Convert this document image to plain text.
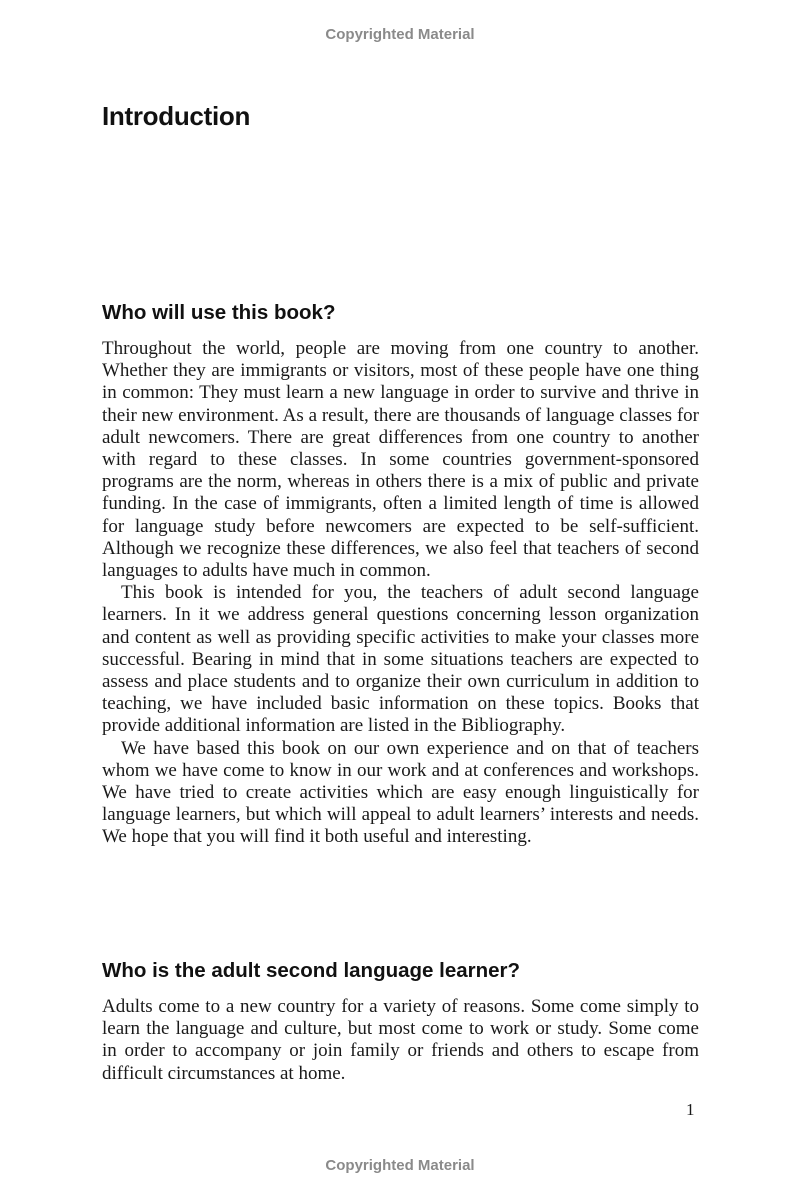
Copyrighted Material
Introduction
Who will use this book?

Throughout the world, people are moving from one country to another. Whether they are immigrants or visitors, most of these people have one thing in common: They must learn a new language in order to survive and thrive in their new environment. As a result, there are thousands of language classes for adult newcomers. There are great differences from one country to another with regard to these classes. In some countries government-sponsored programs are the norm, whereas in others there is a mix of public and private funding. In the case of immigrants, often a limited length of time is allowed for language study before newcomers are expected to be self-sufficient. Although we recognize these differences, we also feel that teachers of second languages to adults have much in common.

This book is intended for you, the teachers of adult second language learners. In it we address general questions concerning lesson organization and content as well as providing specific activities to make your classes more successful. Bearing in mind that in some situations teachers are expected to assess and place students and to organize their own curriculum in addition to teaching, we have included basic information on these topics. Books that provide additional information are listed in the Bibliography.

We have based this book on our own experience and on that of teachers whom we have come to know in our work and at conferences and workshops. We have tried to create activities which are easy enough linguistically for language learners, but which will appeal to adult learners’ interests and needs. We hope that you will find it both useful and interesting.

Who is the adult second language learner?

Adults come to a new country for a variety of reasons. Some come simply to learn the language and culture, but most come to work or study. Some come in order to accompany or join family or friends and others to escape from difficult circumstances at home.

1
Copyrighted Material
